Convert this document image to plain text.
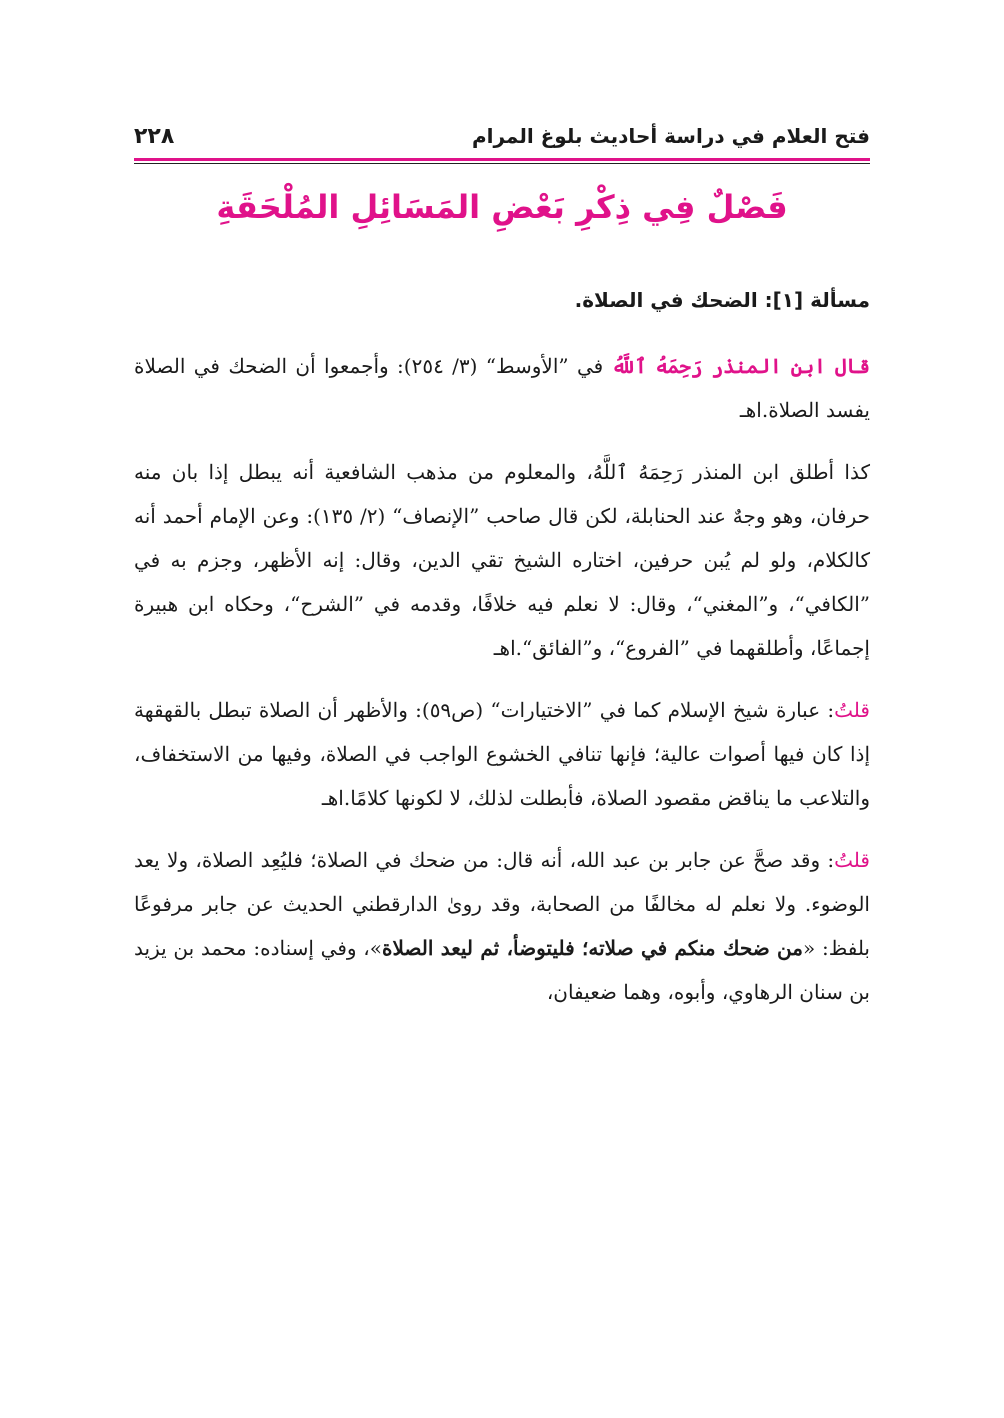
٢٢٨	فتح العلام في دراسة أحاديث بلوغ المرام
فَصْلٌ فِي ذِكْرِ بَعْضِ المَسَائِلِ المُلْحَقَةِ

مسألة [١]: الضحك في الصلاة.

قال ابن المنذر رَحِمَهُ ٱللَّهُ في ”الأوسط“ (٣/ ٢٥٤): وأجمعوا أن الضحك في الصلاة يفسد الصلاة.اهـ

كذا أطلق ابن المنذر رَحِمَهُ ٱللَّهُ، والمعلوم من مذهب الشافعية أنه يبطل إذا بان منه حرفان، وهو وجهٌ عند الحنابلة، لكن قال صاحب ”الإنصاف“ (٢/ ١٣٥): وعن الإمام أحمد أنه كالكلام، ولو لم يُبن حرفين، اختاره الشيخ تقي الدين، وقال: إنه الأظهر، وجزم به في ”الكافي“، و”المغني“، وقال: لا نعلم فيه خلافًا، وقدمه في ”الشرح“، وحكاه ابن هبيرة إجماعًا، وأطلقهما في ”الفروع“، و”الفائق“.اهـ

قلتُ: عبارة شيخ الإسلام كما في ”الاختيارات“ (ص٥٩): والأظهر أن الصلاة تبطل بالقهقهة إذا كان فيها أصوات عالية؛ فإنها تنافي الخشوع الواجب في الصلاة، وفيها من الاستخفاف، والتلاعب ما يناقض مقصود الصلاة، فأبطلت لذلك، لا لكونها كلامًا.اهـ

قلتُ: وقد صحَّ عن جابر بن عبد الله، أنه قال: من ضحك في الصلاة؛ فليُعِد الصلاة، ولا يعد الوضوء. ولا نعلم له مخالفًا من الصحابة، وقد رویٰ الدارقطني الحديث عن جابر مرفوعًا بلفظ: «من ضحك منكم في صلاته؛ فليتوضأ، ثم ليعد الصلاة»، وفي إسناده: محمد بن يزيد بن سنان الرهاوي، وأبوه، وهما ضعيفان،
